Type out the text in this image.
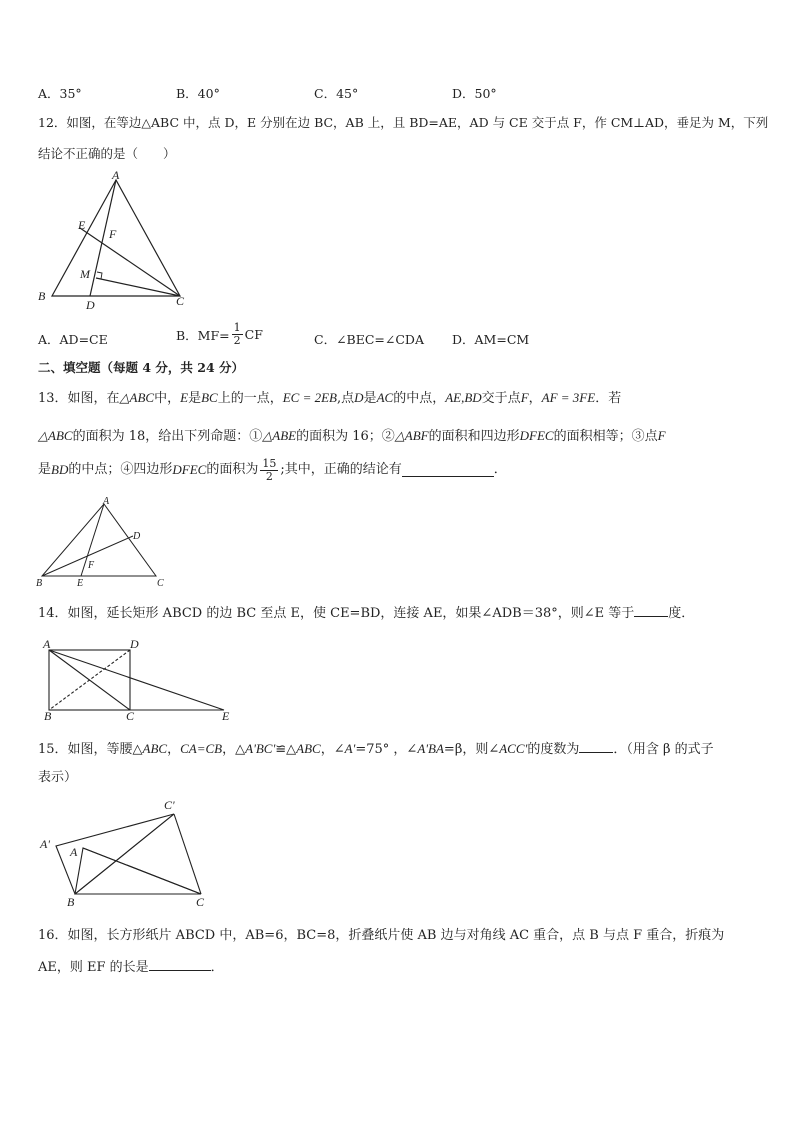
A．35°	B．40°	C．45°	D．50°
12．如图，在等边△ABC 中，点 D，E 分别在边 BC，AB 上，且 BD=AE，AD 与 CE 交于点 F，作 CM⊥AD，垂足为 M，下列
结论不正确的是（　　）
A
E
F
M
B
D	C
A．AD=CE	B．$MF= \frac{1}{2}$ CF	C．∠BEC=∠CDA D．AM=CM
二、填空题（每题 4 分，共 24 分）
13．如图，在△ABC中，E是BC上的一点，EC = 2EB,点D是AC的中点，AE,BD交于点F，AF = 3FE．若
△ABC的面积为 18，给出下列命题：①△ABE的面积为 16；②△ABF的面积和四边形DFEC的面积相等；③点F
是 BD 的中点；④四边形 DFEC 的面积为 $\frac{15}{2}$ ;其中，正确的结论有	．
A
D
F
B	E	C
14．如图，延长矩形 ABCD 的边 BC 至点 E，使 CE=BD，连接 AE，如果∠ADB＝38°，则∠E 等于	度．
A	D
B	C	E
15．如图，等腰△ABC，CA=CB，△A'BC'≌△ABC，∠A'=75° ，∠A'BA=β，则∠ACC'的度数为	．（用含 β 的式子
表示）
C'
A'
A
B	C
16．如图，长方形纸片 ABCD 中，AB=6，BC=8，折叠纸片使 AB 边与对角线 AC 重合，点 B 与点 F 重合，折痕为
AE，则 EF 的长是	．
